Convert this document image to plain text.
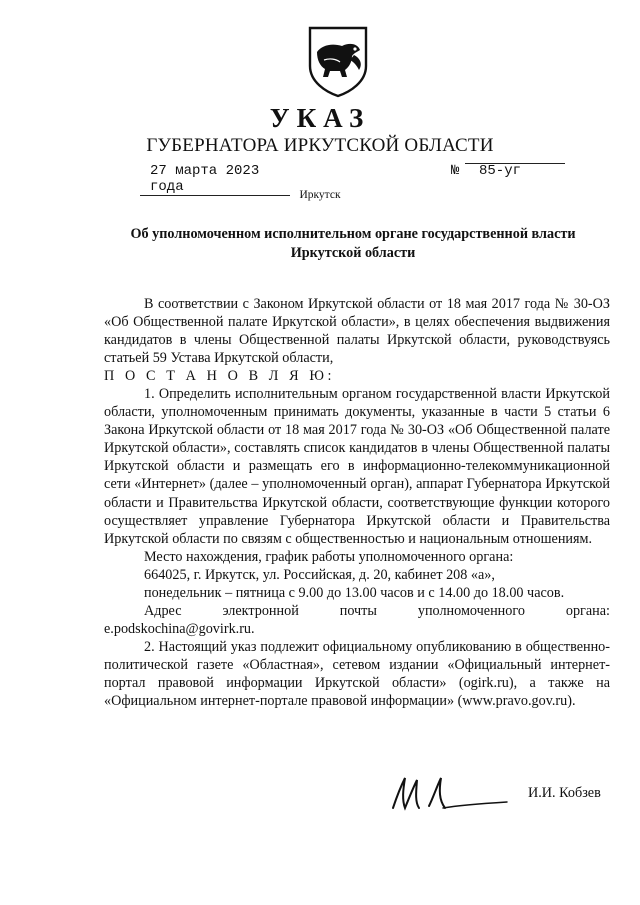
УКАЗ
ГУБЕРНАТОРА ИРКУТСКОЙ ОБЛАСТИ
27 марта 2023 года
№ 85-уг
Иркутск
Об уполномоченном исполнительном органе государственной власти Иркутской области

В соответствии с Законом Иркутской области от 18 мая 2017 года № 30-ОЗ «Об Общественной палате Иркутской области», в целях обеспечения выдвижения кандидатов в члены Общественной палаты Иркутской области, руководствуясь статьей 59 Устава Иркутской области,

П О С Т А Н О В Л Я Ю:

1. Определить исполнительным органом государственной власти Иркутской области, уполномоченным принимать документы, указанные в части 5 статьи 6 Закона Иркутской области от 18 мая 2017 года № 30-ОЗ «Об Общественной палате Иркутской области», составлять список кандидатов в члены Общественной палаты Иркутской области и размещать его в информационно-телекоммуникационной сети «Интернет» (далее – уполномоченный орган), аппарат Губернатора Иркутской области и Правительства Иркутской области, соответствующие функции которого осуществляет управление Губернатора Иркутской области и Правительства Иркутской области по связям с общественностью и национальным отношениям.

Место нахождения, график работы уполномоченного органа:

664025, г. Иркутск, ул. Российская, д. 20, кабинет 208 «а»,

понедельник – пятница с 9.00 до 13.00 часов и с 14.00 до 18.00 часов.

Адрес электронной почты уполномоченного органа: e.podskochina@govirk.ru.

2. Настоящий указ подлежит официальному опубликованию в общественно-политической газете «Областная», сетевом издании «Официальный интернет-портал правовой информации Иркутской области» (ogirk.ru), а также на «Официальном интернет-портале правовой информации» (www.pravo.gov.ru).

И.И. Кобзев
